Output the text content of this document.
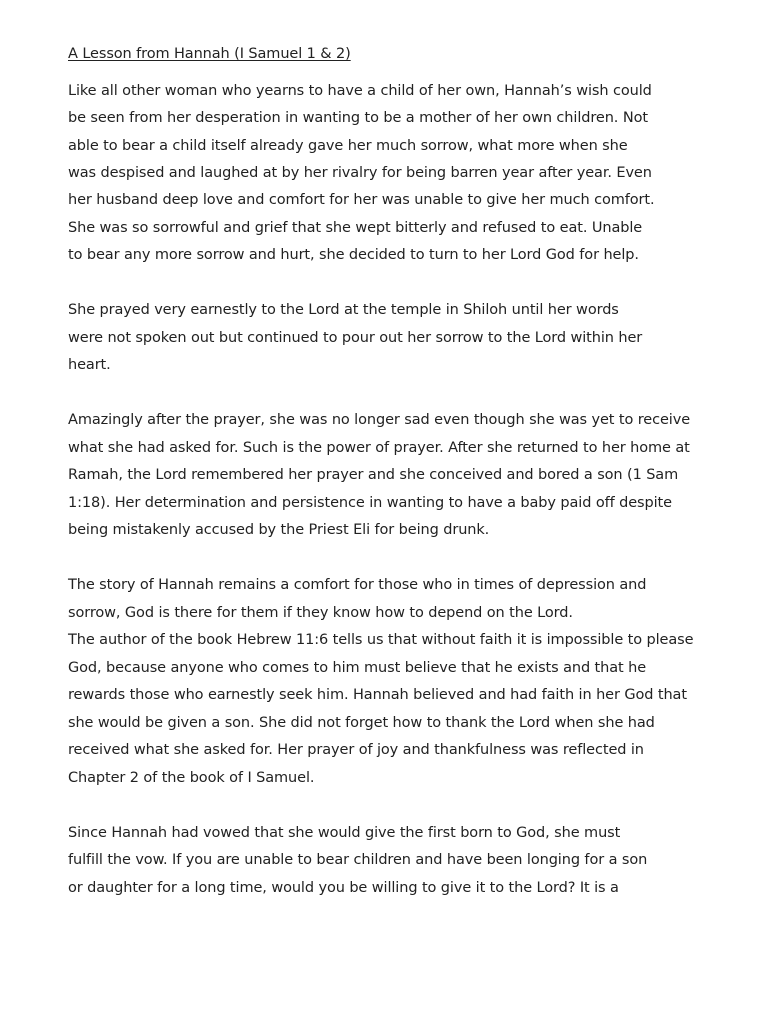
A Lesson from Hannah (I Samuel 1 & 2)

Like all other woman who yearns to have a child of her own, Hannah’s wish could

be seen from her desperation in wanting to be a mother of her own children. Not

able to bear a child itself already gave her much sorrow, what more when she

was despised and laughed at by her rivalry for being barren year after year. Even

her husband deep love and comfort for her was unable to give her much comfort.

She was so sorrowful and grief that she wept bitterly and refused to eat. Unable

to bear any more sorrow and hurt, she decided to turn to her Lord God for help.

She prayed very earnestly to the Lord at the temple in Shiloh until her words

were not spoken out but continued to pour out her sorrow to the Lord within her

heart.

Amazingly after the prayer, she was no longer sad even though she was yet to receive

what she had asked for. Such is the power of prayer. After she returned to her home at

Ramah, the Lord remembered her prayer and she conceived and bored a son (1 Sam

1:18). Her determination and persistence in wanting to have a baby paid off despite

being mistakenly accused by the Priest Eli for being drunk.

The story of Hannah remains a comfort for those who in times of depression and

sorrow, God is there for them if they know how to depend on the Lord.

The author of the book Hebrew 11:6 tells us that without faith it is impossible to please

God, because anyone who comes to him must believe that he exists and that he

rewards those who earnestly seek him. Hannah believed and had faith in her God that

she would be given a son. She did not forget how to thank the Lord when she had

received what she asked for. Her prayer of joy and thankfulness was reflected in

Chapter 2 of the book of I Samuel.

Since Hannah had vowed that she would give the first born to God, she must

fulfill the vow. If you are unable to bear children and have been longing for a son

or daughter for a long time, would you be willing to give it to the Lord? It is a
